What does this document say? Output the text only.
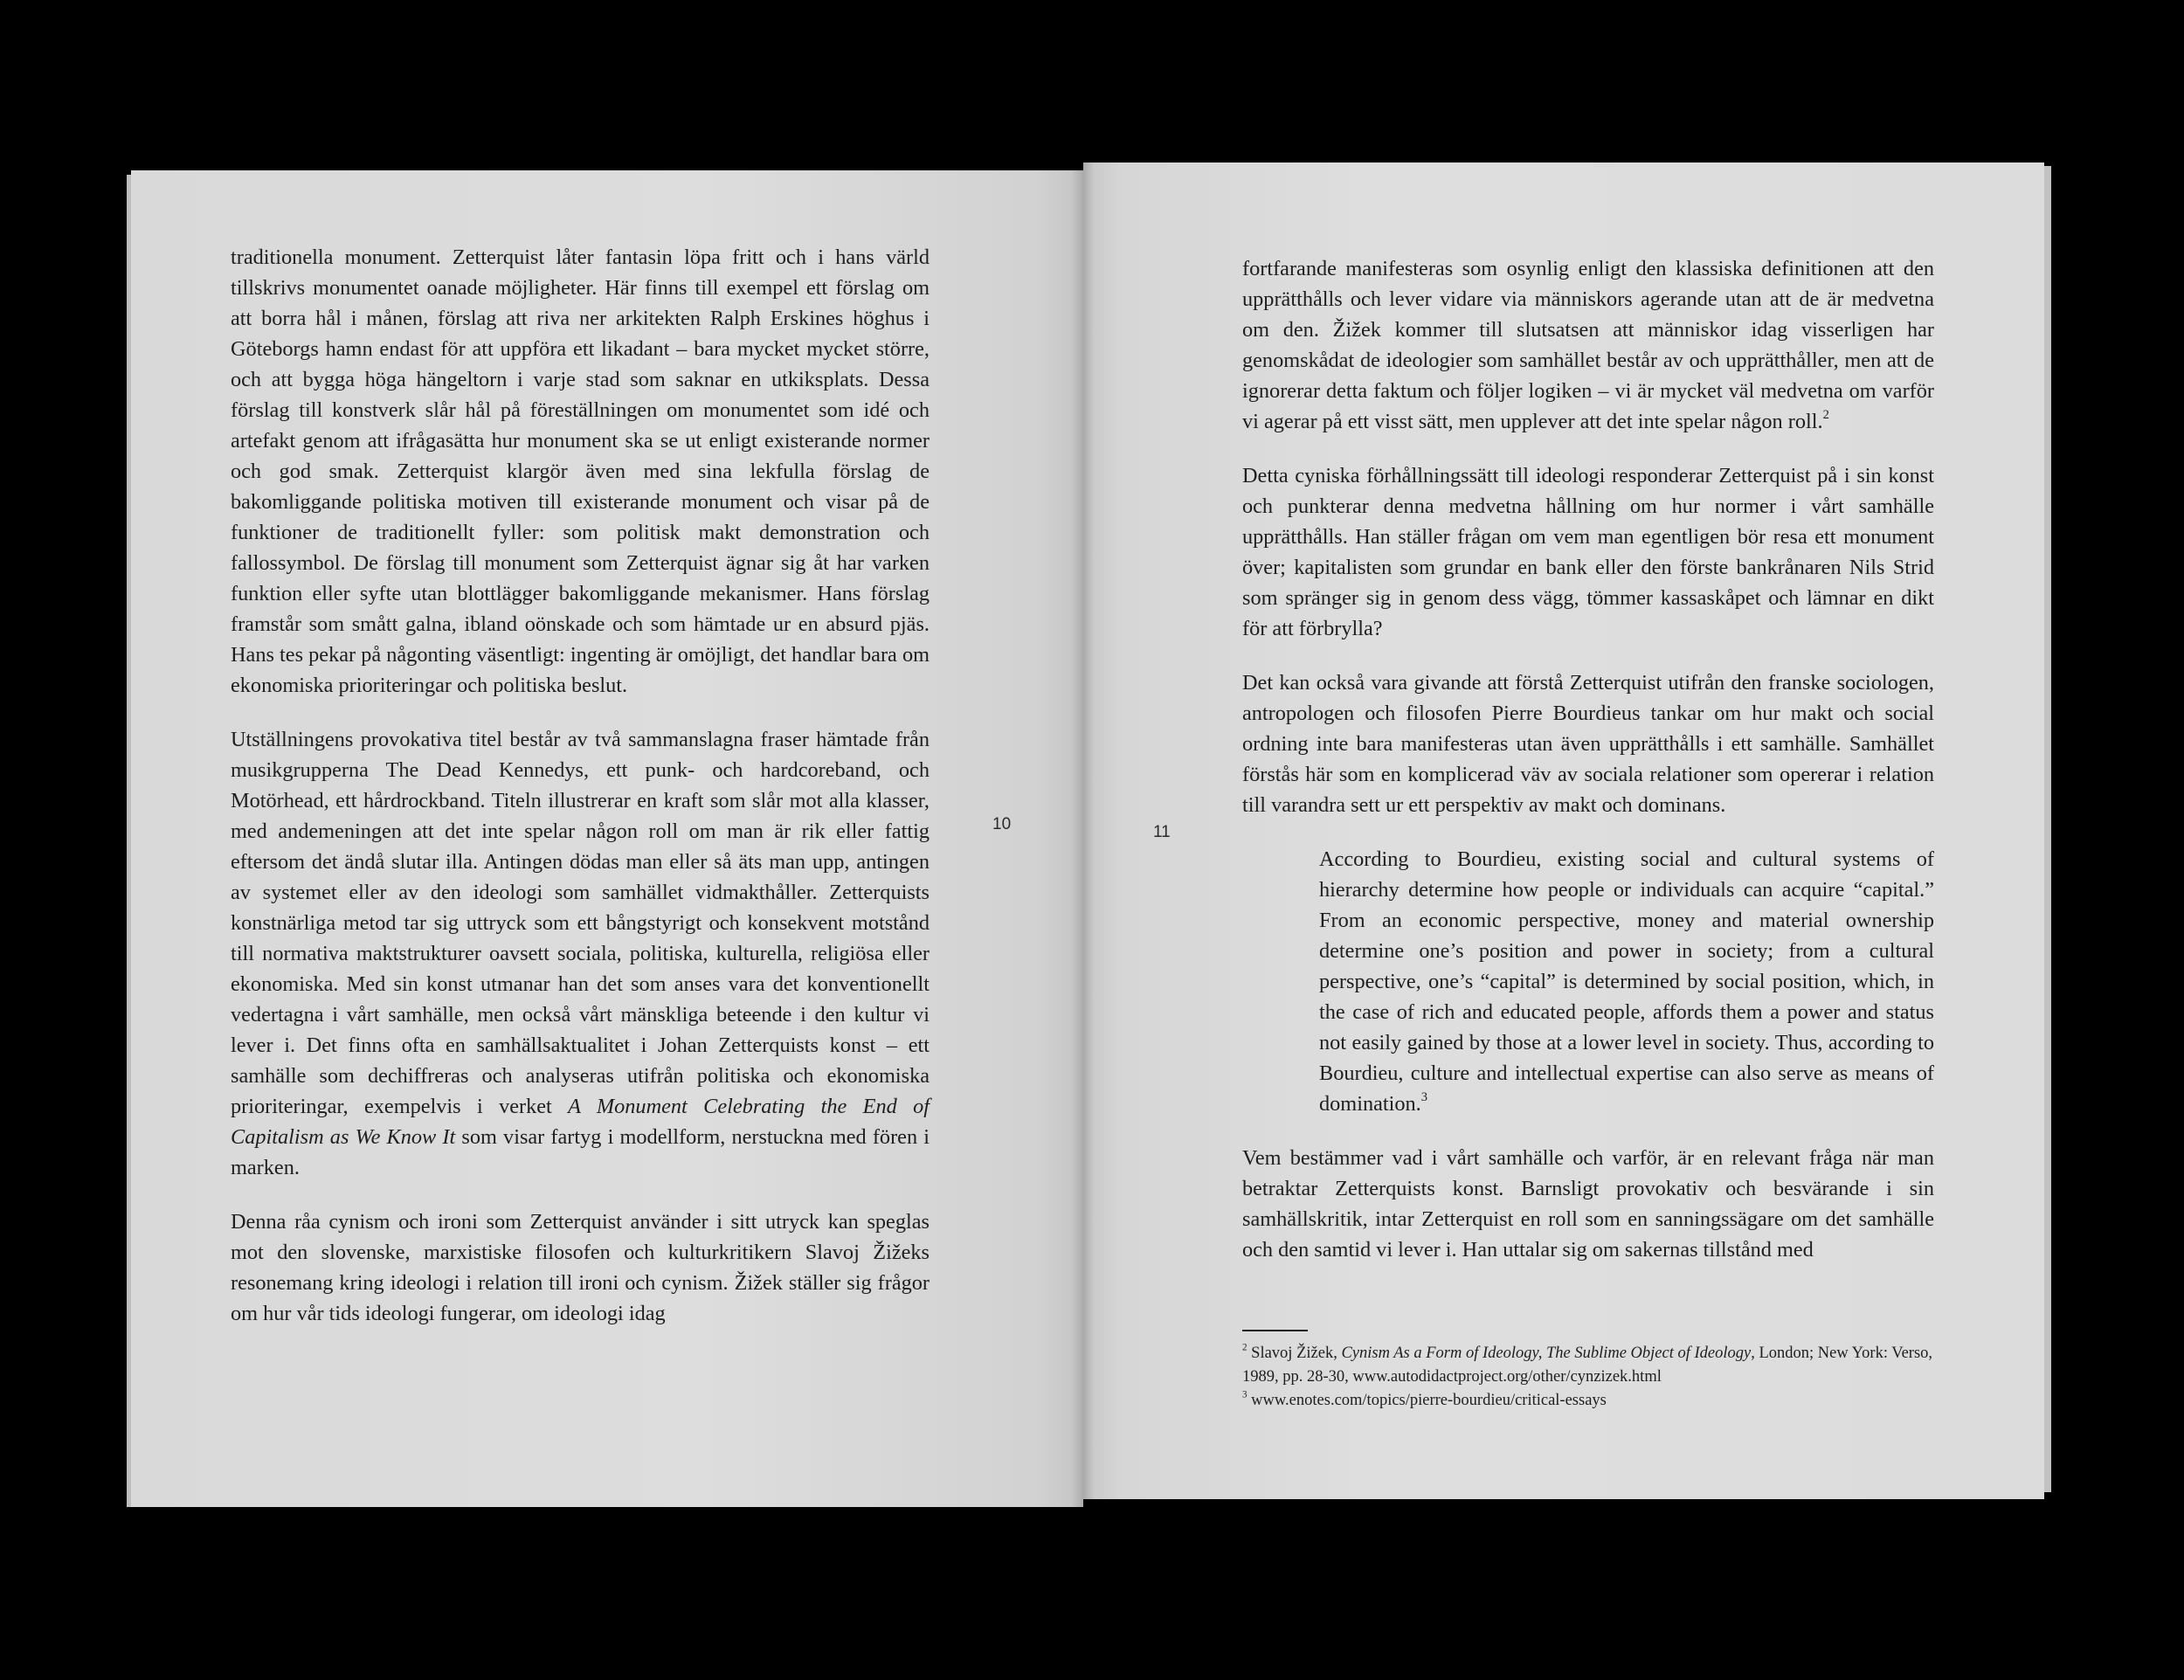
traditionella monument. Zetterquist låter fantasin löpa fritt och i hans värld tillskrivs monumentet oanade möjligheter. Här finns till exempel ett förslag om att borra hål i månen, förslag att riva ner arkitekten Ralph Erskines höghus i Göteborgs hamn endast för att uppföra ett likadant – bara mycket mycket större, och att bygga höga hängeltorn i varje stad som saknar en utkiksplats. Dessa förslag till konstverk slår hål på föreställningen om monumentet som idé och artefakt genom att ifrågasätta hur monument ska se ut enligt existerande normer och god smak. Zetterquist klargör även med sina lekfulla förslag de bakomliggande politiska motiven till existerande monument och visar på de funktioner de traditionellt fyller: som politisk makt demonstration och fallossymbol. De förslag till monument som Zetterquist ägnar sig åt har varken funktion eller syfte utan blottlägger bakomliggande mekanismer. Hans förslag framstår som smått galna, ibland oönskade och som hämtade ur en absurd pjäs. Hans tes pekar på någonting väsentligt: ingenting är omöjligt, det handlar bara om ekonomiska prioriteringar och politiska beslut.

Utställningens provokativa titel består av två sammanslagna fraser hämtade från musikgrupperna The Dead Kennedys, ett punk- och hardcoreband, och Motörhead, ett hårdrockband. Titeln illustrerar en kraft som slår mot alla klasser, med andemeningen att det inte spelar någon roll om man är rik eller fattig eftersom det ändå slutar illa. Antingen dödas man eller så äts man upp, antingen av systemet eller av den ideologi som samhället vidmakthåller. Zetterquists konstnärliga metod tar sig uttryck som ett bångstyrigt och konsekvent motstånd till normativa maktstrukturer oavsett sociala, politiska, kulturella, religiösa eller ekonomiska. Med sin konst utmanar han det som anses vara det konventionellt vedertagna i vårt samhälle, men också vårt mänskliga beteende i den kultur vi lever i. Det finns ofta en samhällsaktualitet i Johan Zetterquists konst – ett samhälle som dechiffreras och analyseras utifrån politiska och ekonomiska prioriteringar, exempelvis i verket A Monument Celebrating the End of Capitalism as We Know It som visar fartyg i modellform, nerstuckna med fören i marken.

Denna råa cynism och ironi som Zetterquist använder i sitt utryck kan speglas mot den slovenske, marxistiske filosofen och kulturkritikern Slavoj Žižeks resonemang kring ideologi i relation till ironi och cynism. Žižek ställer sig frågor om hur vår tids ideologi fungerar, om ideologi idag

10	11

fortfarande manifesteras som osynlig enligt den klassiska definitionen att den upprätthålls och lever vidare via människors agerande utan att de är medvetna om den. Žižek kommer till slutsatsen att människor idag visserligen har genomskådat de ideologier som samhället består av och upprätthåller, men att de ignorerar detta faktum och följer logiken – vi är mycket väl medvetna om varför vi agerar på ett visst sätt, men upplever att det inte spelar någon roll.$^2$

Detta cyniska förhållningssätt till ideologi responderar Zetterquist på i sin konst och punkterar denna medvetna hållning om hur normer i vårt samhälle upprätthålls. Han ställer frågan om vem man egentligen bör resa ett monument över; kapitalisten som grundar en bank eller den förste bankrånaren Nils Strid som spränger sig in genom dess vägg, tömmer kassaskåpet och lämnar en dikt för att förbrylla?

Det kan också vara givande att förstå Zetterquist utifrån den franske sociologen, antropologen och filosofen Pierre Bourdieus tankar om hur makt och social ordning inte bara manifesteras utan även upprätthålls i ett samhälle. Samhället förstås här som en komplicerad väv av sociala relationer som opererar i relation till varandra sett ur ett perspektiv av makt och dominans.

According to Bourdieu, existing social and cultural systems of hierarchy determine how people or individuals can acquire “capital.” From an economic perspective, money and material ownership determine one’s position and power in society; from a cultural perspective, one’s “capital” is determined by social position, which, in the case of rich and educated people, affords them a power and status not easily gained by those at a lower level in society. Thus, according to Bourdieu, culture and intellectual expertise can also serve as means of domination.$^3$

Vem bestämmer vad i vårt samhälle och varför, är en relevant fråga när man betraktar Zetterquists konst. Barnsligt provokativ och besvärande i sin samhällskritik, intar Zetterquist en roll som en sanningssägare om det samhälle och den samtid vi lever i. Han uttalar sig om sakernas tillstånd med

$^2$ Slavoj Žižek, Cynism As a Form of Ideology, The Sublime Object of Ideology, London; New York: Verso, 1989, pp. 28-30, www.autodidactproject.org/other/cynzizek.html

$^3$ www.enotes.com/topics/pierre-bourdieu/critical-essays
